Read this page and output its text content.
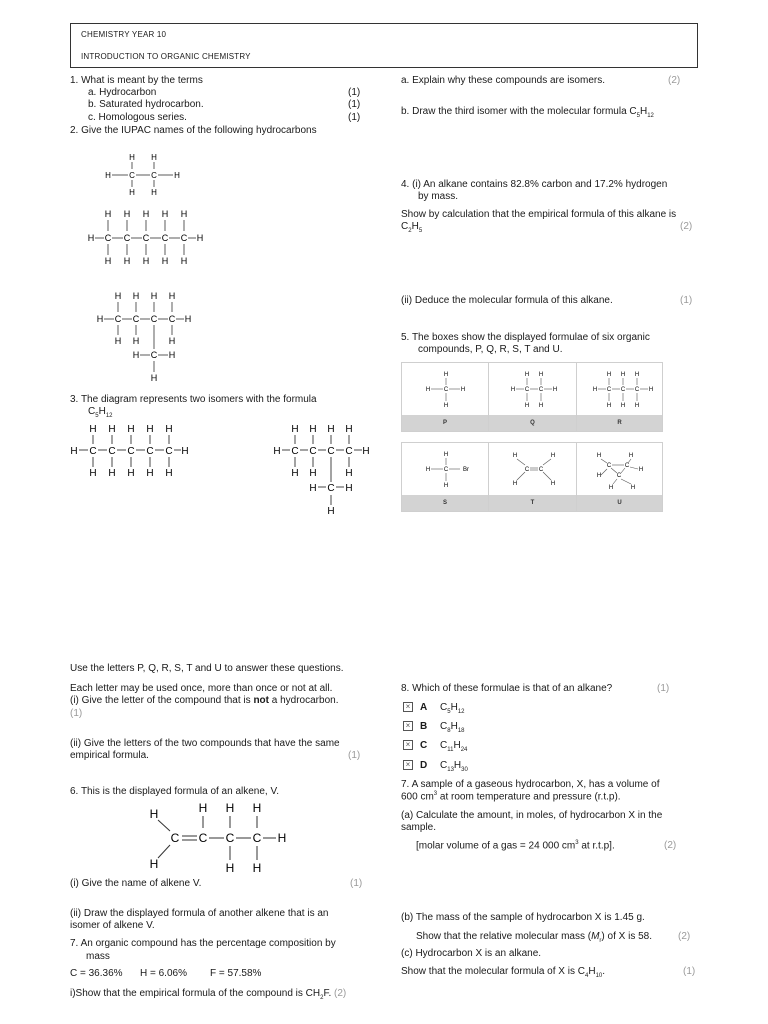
CHEMISTRY YEAR 10
INTRODUCTION TO ORGANIC CHEMISTRY
1. What is meant by the terms
a. Hydrocarbon	(1)
b. Saturated hydrocarbon.	(1)
c. Homologous series.	(1)
2. Give the IUPAC names of the following hydrocarbons
H H
H C C H
H H
H H H H H
H C C C C C H
H H H H H
H H H H
H C C C C H
H H	H
H C H
H
3. The diagram represents two isomers with the formula
$C_5H_{12}$
H H H H H
H C C C C C H
H H H H H
H H H H
H C C C C H
H H	H
H C H
H
Use the letters P, Q, R, S, T and U to answer these questions.
Each letter may be used once, more than once or not at all.
(i) Give the letter of the compound that is not a hydrocarbon.
(1)
(ii) Give the letters of the two compounds that have the same
empirical formula.	(1)
6. This is the displayed formula of an alkene, V.
H	H H H
C C C C H
H	H H
(i) Give the name of alkene V.	(1)
(ii) Draw the displayed formula of another alkene that is an
isomer of alkene V.
7. An organic compound has the percentage composition by
mass
C = 36.36% H = 6.06% F = 57.58%
i)Show that the empirical formula of the compound is $CH_2F$. (2)
a. Explain why these compounds are isomers.	(2)
b. Draw the third isomer with the molecular formula $C_5H_{12}$
4. (i) An alkane contains 82.8% carbon and 17.2% hydrogen
by mass.
Show by calculation that the empirical formula of this alkane is
$C_2H_5$	(2)
(ii) Deduce the molecular formula of this alkane.	(1)
5. The boxes show the displayed formulae of six organic
compounds, P, Q, R, S, T and U.
H
H C H
H
P
H H
H C C H
H H
Q
H H H
H C C C H
H H H
R
H
H C Br
H
S
H	H
C C
H	H
T
H	H
C C
H
H	C
H	H
U
8. Which of these formulae is that of an alkane?	(1)
× A $C_5H_{12}$
× B $C_8H_{18}$
× C $C_{11}H_{24}$
× D $C_{13}H_{30}$
7. A sample of a gaseous hydrocarbon, X, has a volume of
600 $cm^3$ at room temperature and pressure (r.t.p).
(a) Calculate the amount, in moles, of hydrocarbon X in the
sample.
[molar volume of a gas = 24 000 $cm^3$ at r.t.p].	(2)
(b) The mass of the sample of hydrocarbon X is 1.45 g.
Show that the relative molecular mass $(M_r)$ of X is 58.	(2)
(c) Hydrocarbon X is an alkane.
Show that the molecular formula of X is $C_4H_{10}$.	(1)
